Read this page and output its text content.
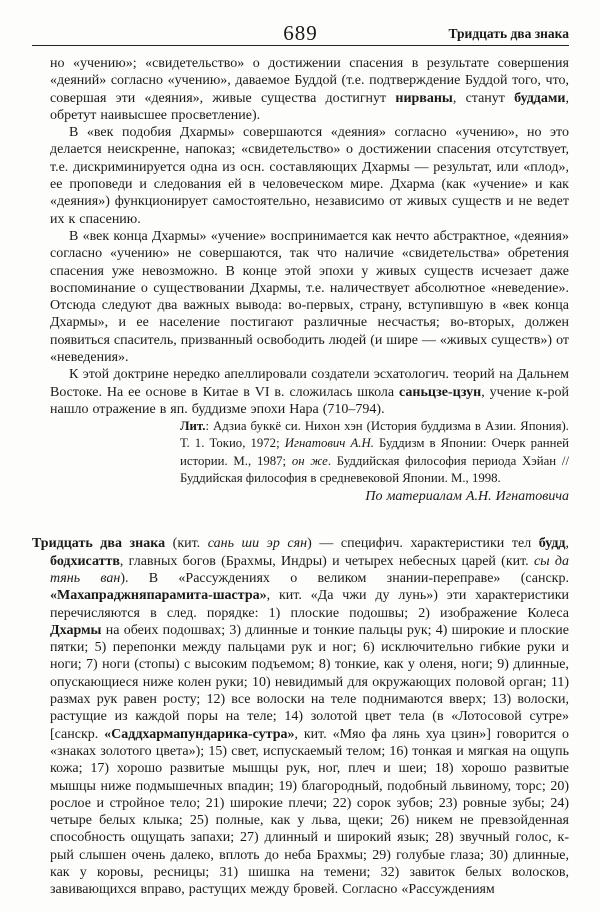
689	Тридцать два знака

но «учению»; «свидетельство» о достижении спасения в результате совершения «деяний» согласно «учению», даваемое Буддой (т.е. подтверждение Буддой того, что, совершая эти «деяния», живые существа достигнут нирваны, станут буддами, обретут наивысшее просветление).

В «век подобия Дхармы» совершаются «деяния» согласно «учению», но это делается неискренне, напоказ; «свидетельство» о достижении спасения отсутствует, т.е. дискриминируется одна из осн. составляющих Дхармы — результат, или «плод», ее проповеди и следования ей в человеческом мире. Дхарма (как «учение» и как «деяния») функционирует самостоятельно, независимо от живых существ и не ведет их к спасению.

В «век конца Дхармы» «учение» воспринимается как нечто абстрактное, «деяния» согласно «учению» не совершаются, так что наличие «свидетельства» обретения спасения уже невозможно. В конце этой эпохи у живых существ исчезает даже воспоминание о существовании Дхармы, т.е. наличествует абсолютное «неведение». Отсюда следуют два важных вывода: во-первых, страну, вступившую в «век конца Дхармы», и ее население постигают различные несчастья; во-вторых, должен появиться спаситель, призванный освободить людей (и шире — «живых существ») от «неведения».

К этой доктрине нередко апеллировали создатели эсхатологич. теорий на Дальнем Востоке. На ее основе в Китае в VI в. сложилась школа саньцзе-цзун, учение к-рой нашло отражение в яп. буддизме эпохи Нара (710–794).

Лит.: Адзиа буккё си. Нихон хэн (История буддизма в Азии. Япония). Т. 1. Токио, 1972; Игнатович А.Н. Буддизм в Японии: Очерк ранней истории. М., 1987; он же. Буддийская философия периода Хэйан // Буддийская философия в средневековой Японии. М., 1998.

По материалам А.Н. Игнатовича

Тридцать два знака (кит. сань ши эр сян) — специфич. характеристики тел будд, бодхисаттв, главных богов (Брахмы, Индры) и четырех небесных царей (кит. сы да тянь ван). В «Рассуждениях о великом знании-переправе» (санскр. «Махапраджняпарамита-шастра», кит. «Да чжи ду лунь») эти характеристики перечисляются в след. порядке: 1) плоские подошвы; 2) изображение Колеса Дхармы на обеих подошвах; 3) длинные и тонкие пальцы рук; 4) широкие и плоские пятки; 5) перепонки между пальцами рук и ног; 6) исключительно гибкие руки и ноги; 7) ноги (стопы) с высоким подъемом; 8) тонкие, как у оленя, ноги; 9) длинные, опускающиеся ниже колен руки; 10) невидимый для окружающих половой орган; 11) размах рук равен росту; 12) все волоски на теле поднимаются вверх; 13) волоски, растущие из каждой поры на теле; 14) золотой цвет тела (в «Лотосовой сутре» [санскр. «Саддхармапундарика-сутра», кит. «Мяо фа лянь хуа цзин»] говорится о «знаках золотого цвета»); 15) свет, испускаемый телом; 16) тонкая и мягкая на ощупь кожа; 17) хорошо развитые мышцы рук, ног, плеч и шеи; 18) хорошо развитые мышцы ниже подмышечных впадин; 19) благородный, подобный львиному, торс; 20) рослое и стройное тело; 21) широкие плечи; 22) сорок зубов; 23) ровные зубы; 24) четыре белых клыка; 25) полные, как у льва, щеки; 26) никем не превзойденная способность ощущать запахи; 27) длинный и широкий язык; 28) звучный голос, к-рый слышен очень далеко, вплоть до неба Брахмы; 29) голубые глаза; 30) длинные, как у коровы, ресницы; 31) шишка на темени; 32) завиток белых волосков, завивающихся вправо, растущих между бровей. Согласно «Рассуждениям
